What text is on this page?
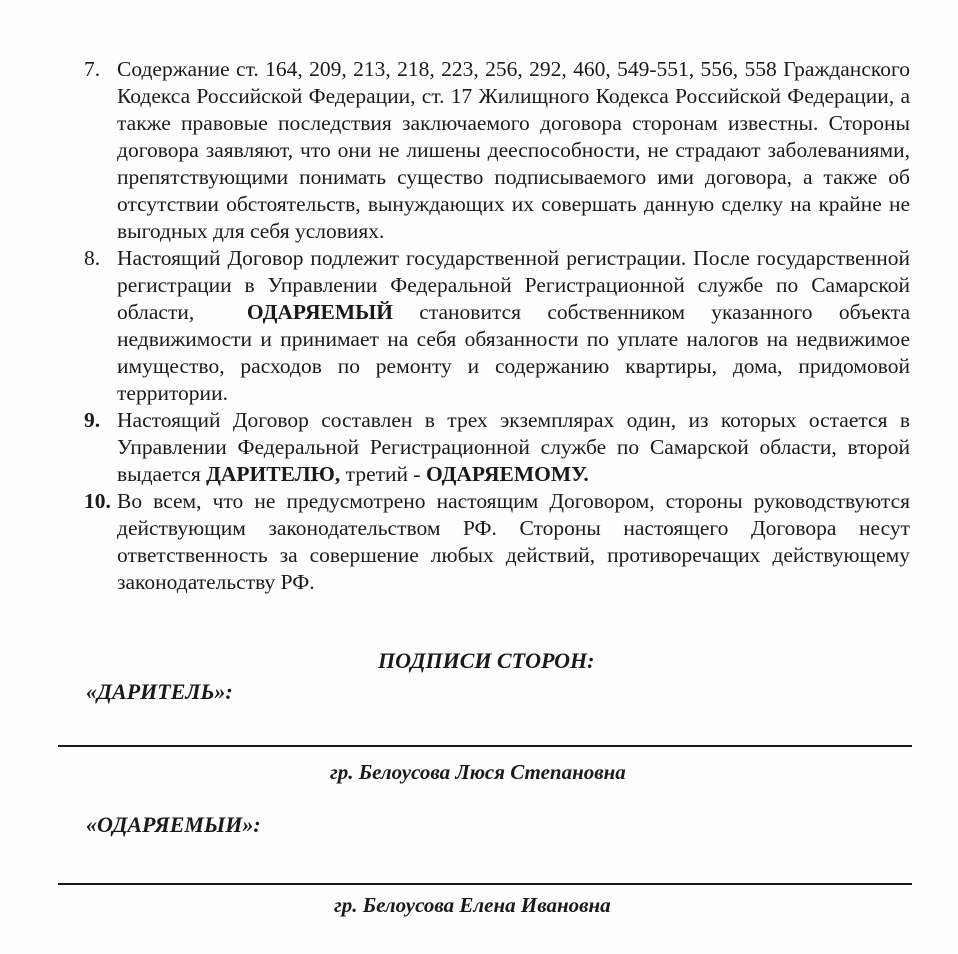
7. Содержание ст. 164, 209, 213, 218, 223, 256, 292, 460, 549-551, 556, 558 Гражданского Кодекса Российской Федерации, ст. 17 Жилищного Кодекса Российской Федерации, а также правовые последствия заключаемого договора сторонам известны. Стороны договора заявляют, что они не лишены дееспособности, не страдают заболеваниями, препятствующими понимать существо подписываемого ими договора, а также об отсутствии обстоятельств, вынуждающих их совершать данную сделку на крайне не выгодных для себя условиях.
8. Настоящий Договор подлежит государственной регистрации. После государственной регистрации в Управлении Федеральной Регистрационной службе по Самарской области, ОДАРЯЕМЫЙ становится собственником указанного объекта недвижимости и принимает на себя обязанности по уплате налогов на недвижимое имущество, расходов по ремонту и содержанию квартиры, дома, придомовой территории.
9. Настоящий Договор составлен в трех экземплярах один, из которых остается в Управлении Федеральной Регистрационной службе по Самарской области, второй выдается ДАРИТЕЛЮ, третий - ОДАРЯЕМОМУ.
10. Во всем, что не предусмотрено настоящим Договором, стороны руководствуются действующим законодательством РФ. Стороны настоящего Договора несут ответственность за совершение любых действий, противоречащих действующему законодательству РФ.
ПОДПИСИ СТОРОН:
«ДАРИТЕЛЬ»:
гр. Белоусова Люся Степановна
«ОДАРЯЕМЫИ»:
гр. Белоусова Елена Ивановна
